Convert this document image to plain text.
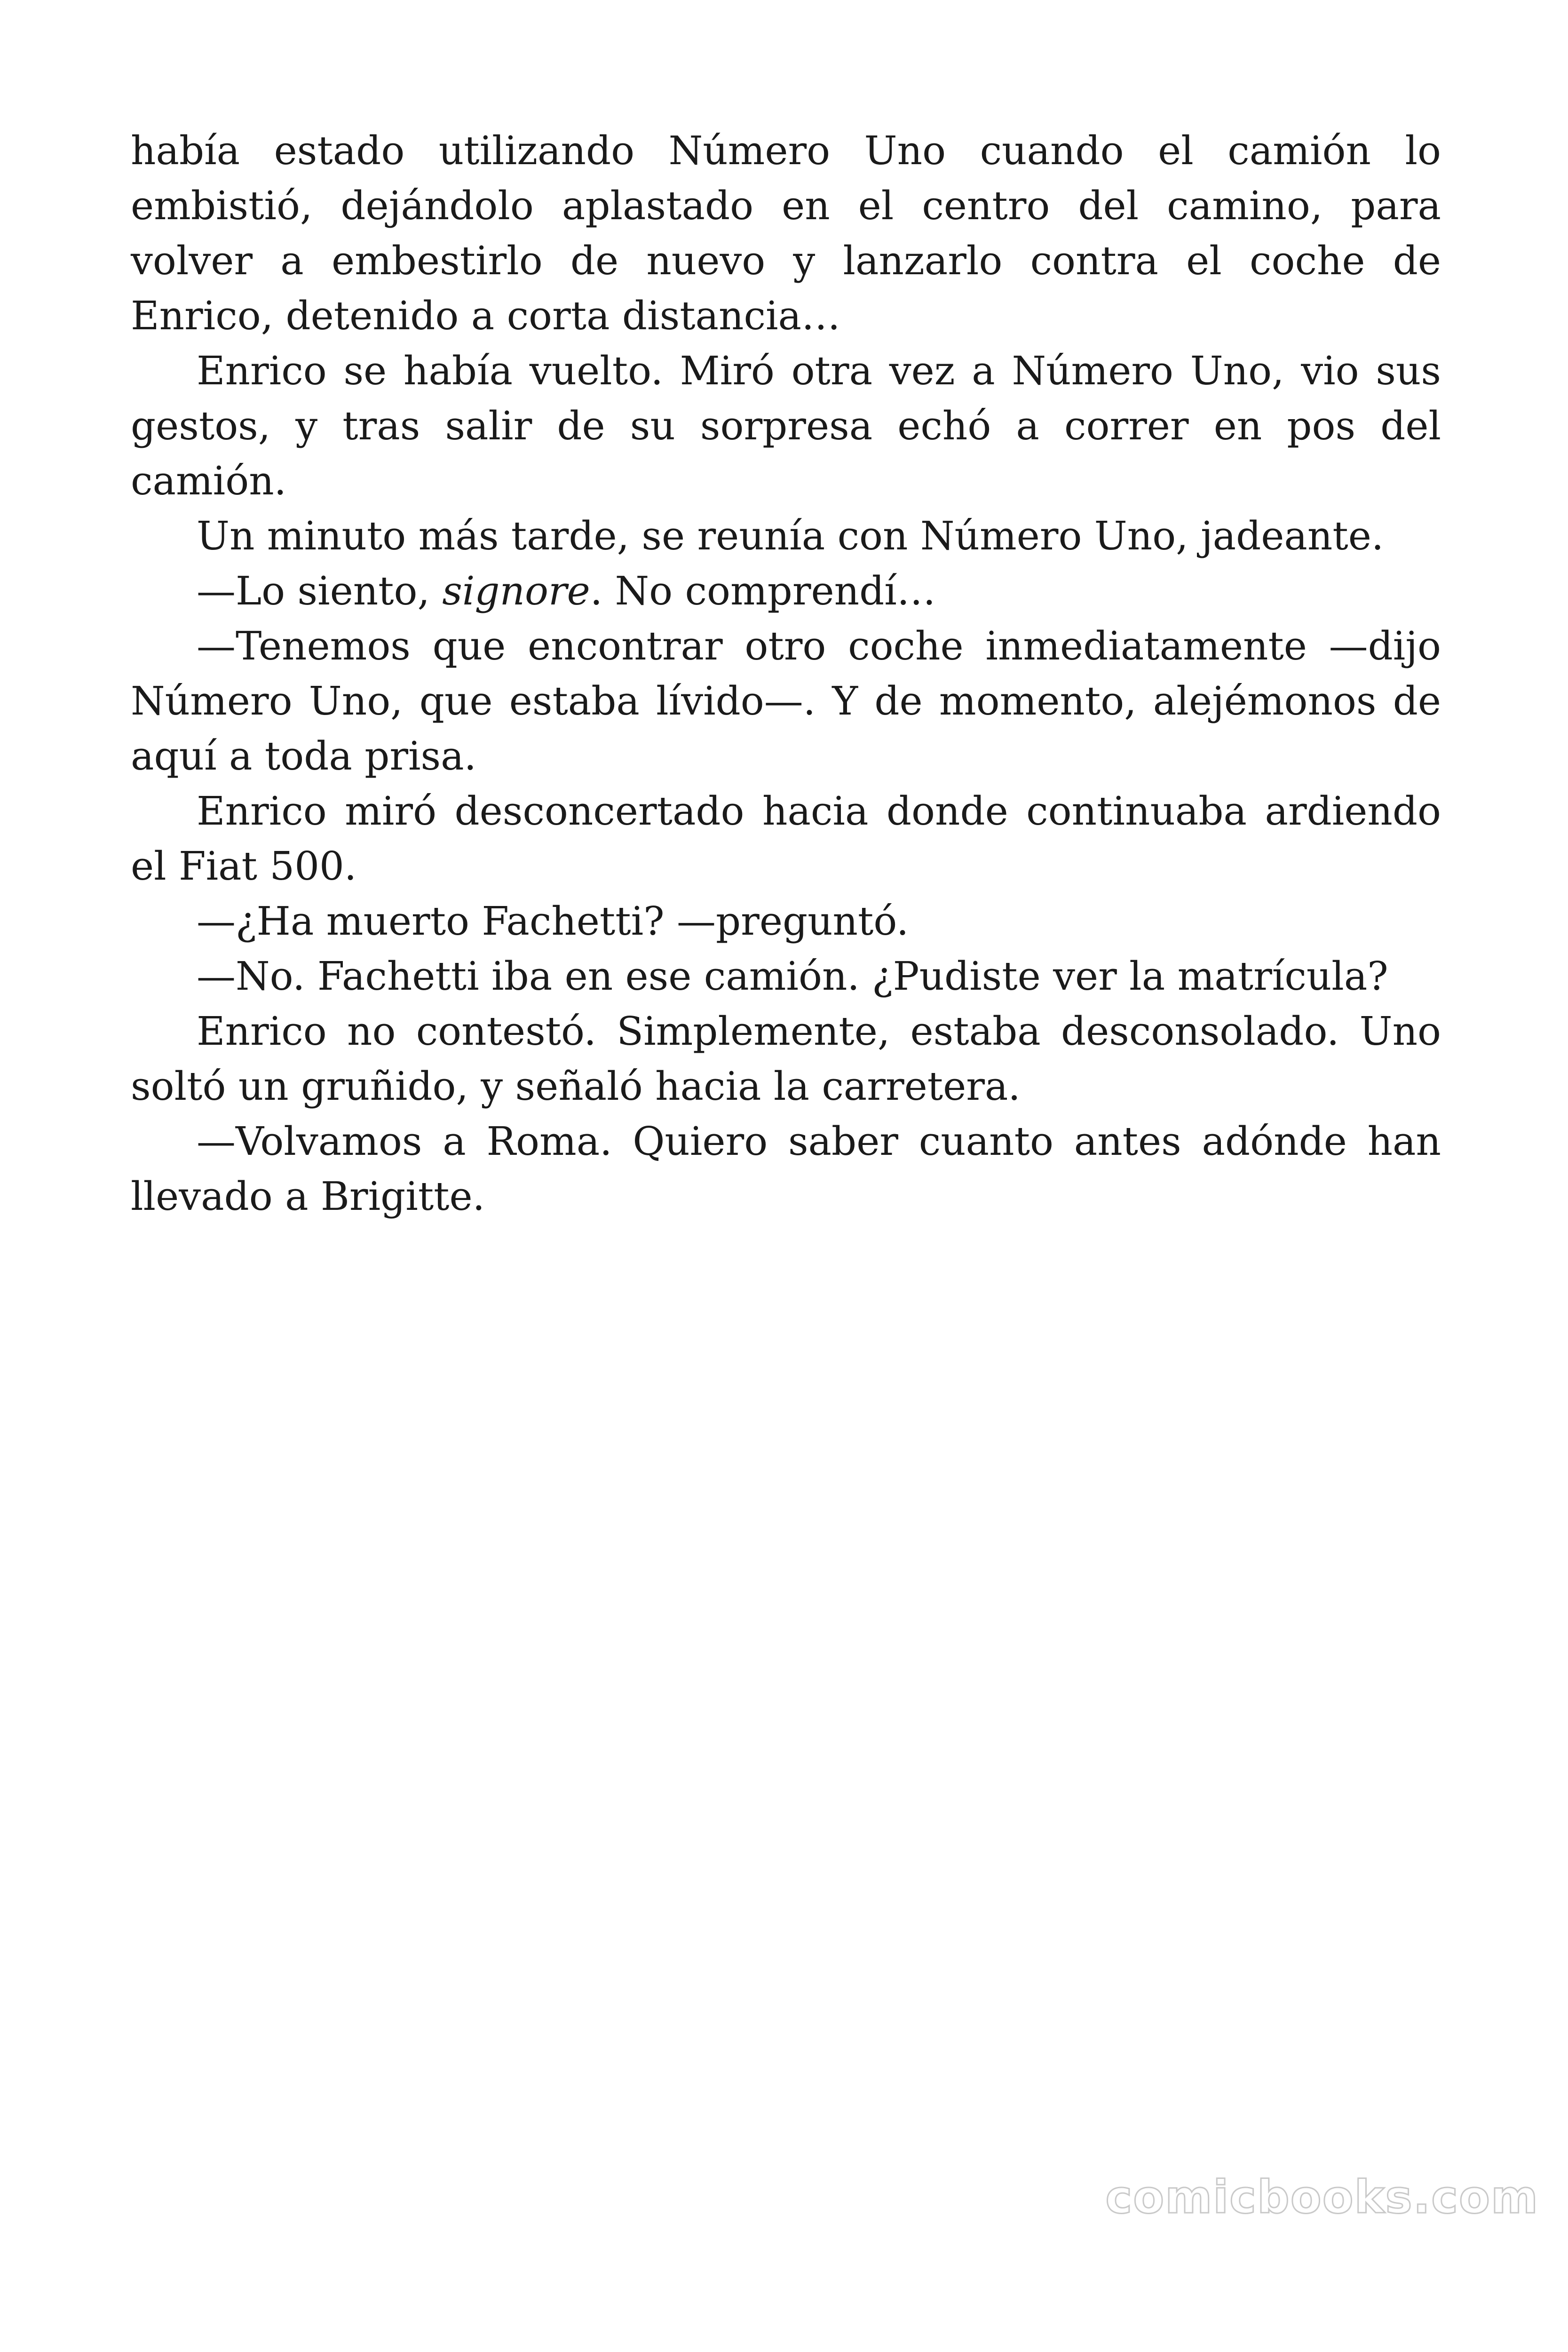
había estado utilizando Número Uno cuando el camión lo embistió, dejándolo aplastado en el centro del camino, para volver a embestirlo de nuevo y lanzarlo contra el coche de Enrico, detenido a corta distancia…

Enrico se había vuelto. Miró otra vez a Número Uno, vio sus gestos, y tras salir de su sorpresa echó a correr en pos del camión.

Un minuto más tarde, se reunía con Número Uno, jadeante.

—Lo siento, signore. No comprendí…

—Tenemos que encontrar otro coche inmediatamente —dijo Número Uno, que estaba lívido—. Y de momento, alejémonos de aquí a toda prisa.

Enrico miró desconcertado hacia donde continuaba ardiendo el Fiat 500.

—¿Ha muerto Fachetti? —preguntó.

—No. Fachetti iba en ese camión. ¿Pudiste ver la matrícula?

Enrico no contestó. Simplemente, estaba desconsolado. Uno soltó un gruñido, y señaló hacia la carretera.

—Volvamos a Roma. Quiero saber cuanto antes adónde han llevado a Brigitte.

comicbooks.com
